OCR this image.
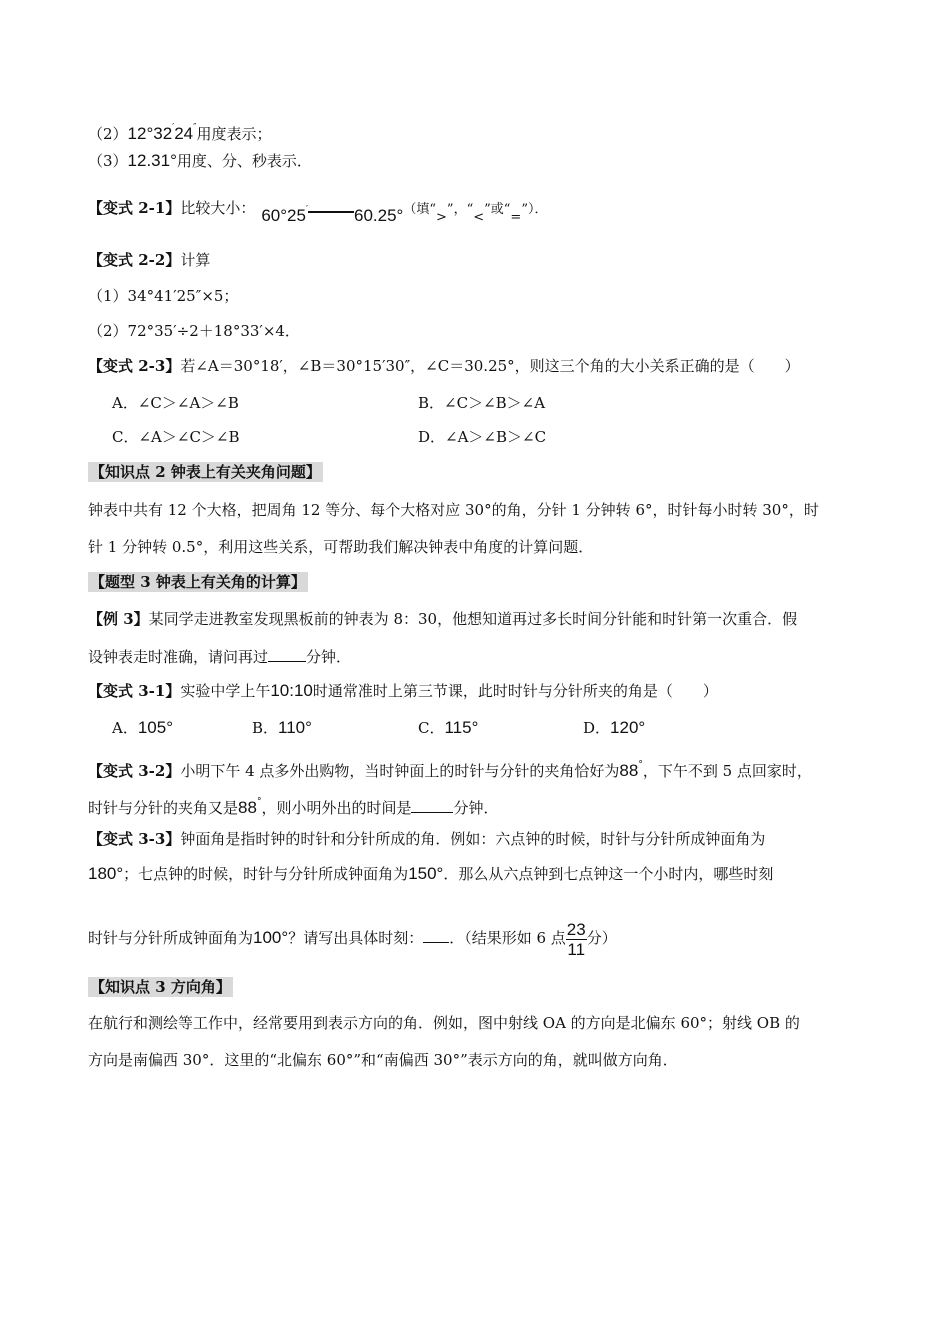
（2）12°32′24″用度表示；
（3）12.31°用度、分、秒表示．
【变式 2-1】比较大小： 60°25′	60.25°（填“>”，“<”或“=”）．
【变式 2-2】计算
（1）34°41′25″×5；
（2）72°35′÷2＋18°33′×4．
【变式 2-3】若∠A＝30°18′，∠B＝30°15′30″，∠C＝30.25°，则这三个角的大小关系正确的是（　　）
A．∠C＞∠A＞∠B	B．∠C＞∠B＞∠A
C．∠A＞∠C＞∠B	D．∠A＞∠B＞∠C
【知识点 2 钟表上有关夹角问题】
钟表中共有 12 个大格，把周角 12 等分、每个大格对应 30°的角，分针 1 分钟转 6°，时针每小时转 30°，时
针 1 分钟转 0.5°，利用这些关系，可帮助我们解决钟表中角度的计算问题．
【题型 3 钟表上有关角的计算】
【例 3】某同学走进教室发现黑板前的钟表为 8：30，他想知道再过多长时间分针能和时针第一次重合．假
设钟表走时准确，请问再过	分钟．
【变式 3-1】实验中学上午10:10时通常准时上第三节课，此时时针与分针所夹的角是（　　）
A．105°	B．110°	C．115°	D．120°
【变式 3-2】小明下午 4 点多外出购物，当时钟面上的时针与分针的夹角恰好为88°，下午不到 5 点回家时，
时针与分针的夹角又是88°，则小明外出的时间是	分钟．
【变式 3-3】钟面角是指时钟的时针和分针所成的角．例如：六点钟的时候，时针与分针所成钟面角为
180°；七点钟的时候，时针与分针所成钟面角为150°．那么从六点钟到七点钟这一个小时内，哪些时刻
时针与分针所成钟面角为100°？请写出具体时刻： ．（结果形如 6 点 $\frac{23}{11}$ 分）
【知识点 3 方向角】
在航行和测绘等工作中，经常要用到表示方向的角．例如，图中射线 OA 的方向是北偏东 60°；射线 OB 的
方向是南偏西 30°．这里的“北偏东 60°”和“南偏西 30°”表示方向的角，就叫做方向角．
